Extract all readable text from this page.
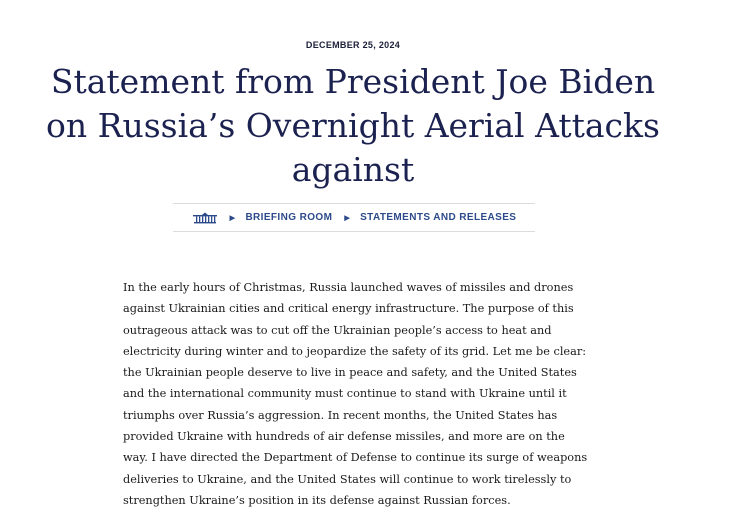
DECEMBER 25, 2024
Statement from President Joe Biden on Russia’s Overnight Aerial Attacks against
▶ BRIEFING ROOM ▶ STATEMENTS AND RELEASES

In the early hours of Christmas, Russia launched waves of missiles and drones against Ukrainian cities and critical energy infrastructure. The purpose of this outrageous attack was to cut off the Ukrainian people’s access to heat and electricity during winter and to jeopardize the safety of its grid. Let me be clear: the Ukrainian people deserve to live in peace and safety, and the United States and the international community must continue to stand with Ukraine until it triumphs over Russia’s aggression. In recent months, the United States has provided Ukraine with hundreds of air defense missiles, and more are on the way. I have directed the Department of Defense to continue its surge of weapons deliveries to Ukraine, and the United States will continue to work tirelessly to strengthen Ukraine’s position in its defense against Russian forces.
